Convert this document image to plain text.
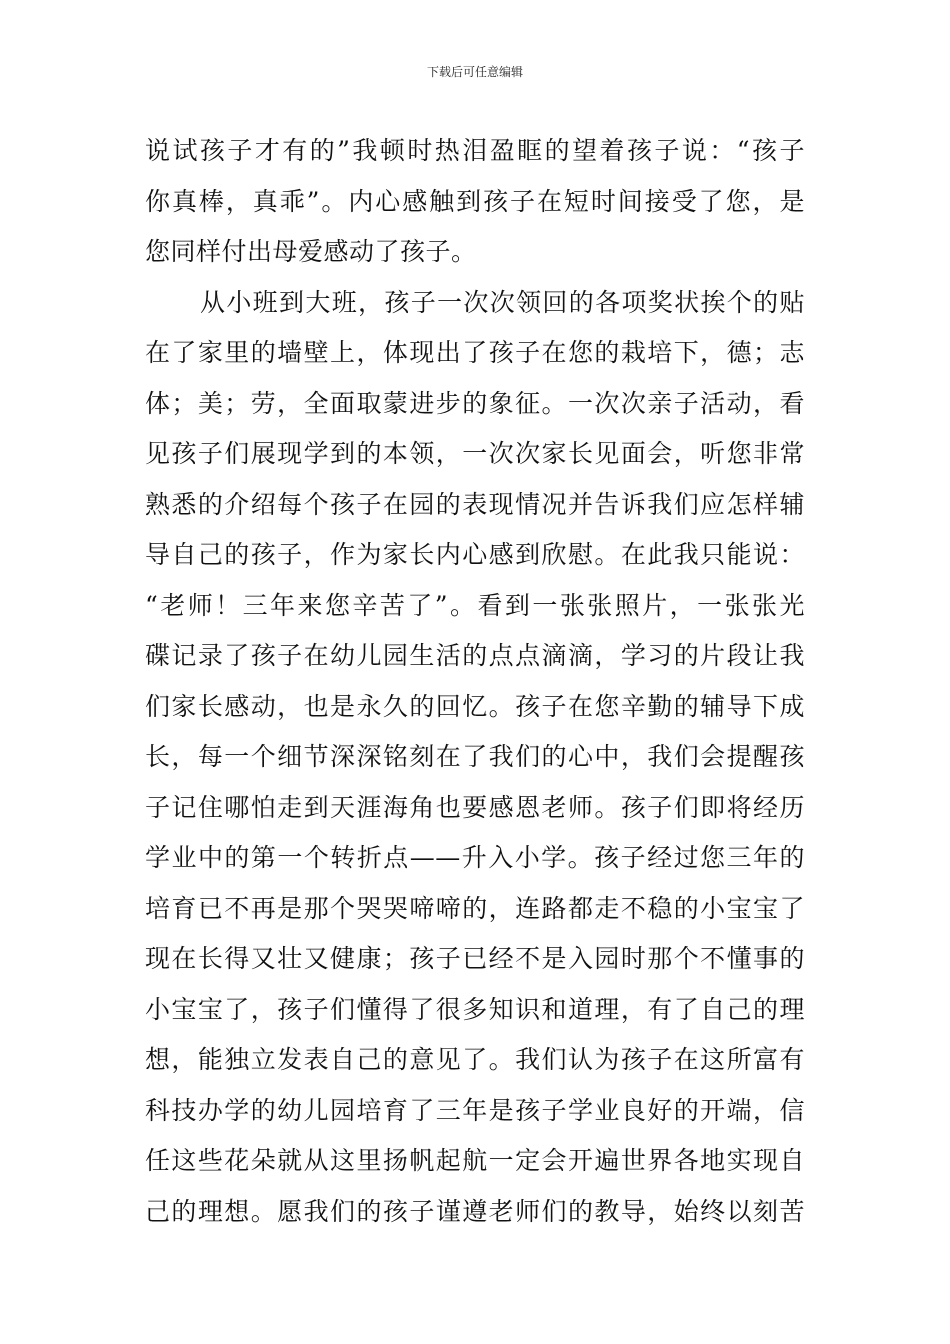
下载后可任意编辑
说试孩子才有的”我顿时热泪盈眶的望着孩子说：“孩子
你真棒，真乖”。内心感触到孩子在短时间接受了您，是
您同样付出母爱感动了孩子。
从小班到大班，孩子一次次领回的各项奖状挨个的贴
在了家里的墙壁上，体现出了孩子在您的栽培下，德；志
体；美；劳，全面取蒙进步的象征。一次次亲子活动，看
见孩子们展现学到的本领，一次次家长见面会，听您非常
熟悉的介绍每个孩子在园的表现情况并告诉我们应怎样辅
导自己的孩子，作为家长内心感到欣慰。在此我只能说：
“老师！三年来您辛苦了”。看到一张张照片，一张张光
碟记录了孩子在幼儿园生活的点点滴滴，学习的片段让我
们家长感动，也是永久的回忆。孩子在您辛勤的辅导下成
长，每一个细节深深铭刻在了我们的心中，我们会提醒孩
子记住哪怕走到天涯海角也要感恩老师。孩子们即将经历
学业中的第一个转折点——升入小学。孩子经过您三年的
培育已不再是那个哭哭啼啼的，连路都走不稳的小宝宝了
现在长得又壮又健康；孩子已经不是入园时那个不懂事的
小宝宝了，孩子们懂得了很多知识和道理，有了自己的理
想，能独立发表自己的意见了。我们认为孩子在这所富有
科技办学的幼儿园培育了三年是孩子学业良好的开端，信
任这些花朵就从这里扬帆起航一定会开遍世界各地实现自
己的理想。愿我们的孩子谨遵老师们的教导，始终以刻苦
